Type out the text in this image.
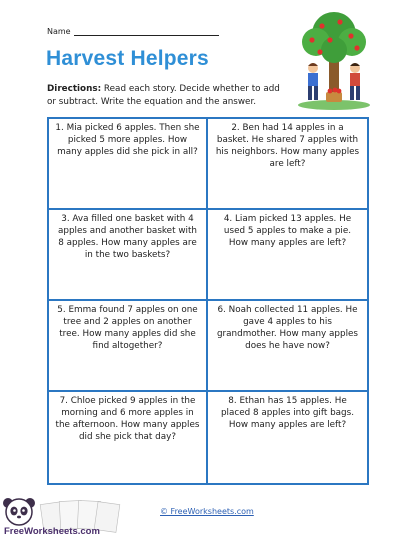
Name
Harvest Helpers
Directions: Read each story. Decide whether to add or subtract. Write the equation and the answer.
1. Mia picked 6 apples. Then she picked 5 more apples. How many apples did she pick in all?
2. Ben had 14 apples in a basket. He shared 7 apples with his neighbors. How many apples are left?
3. Ava filled one basket with 4 apples and another basket with 8 apples. How many apples are in the two baskets?
4. Liam picked 13 apples. He used 5 apples to make a pie. How many apples are left?
5. Emma found 7 apples on one tree and 2 apples on another tree. How many apples did she find altogether?
6. Noah collected 11 apples. He gave 4 apples to his grandmother. How many apples does he have now?
7. Chloe picked 9 apples in the morning and 6 more apples in the afternoon. How many apples did she pick that day?
8. Ethan has 15 apples. He placed 8 apples into gift bags. How many apples are left?
FreeWorksheets.com
© FreeWorksheets.com
